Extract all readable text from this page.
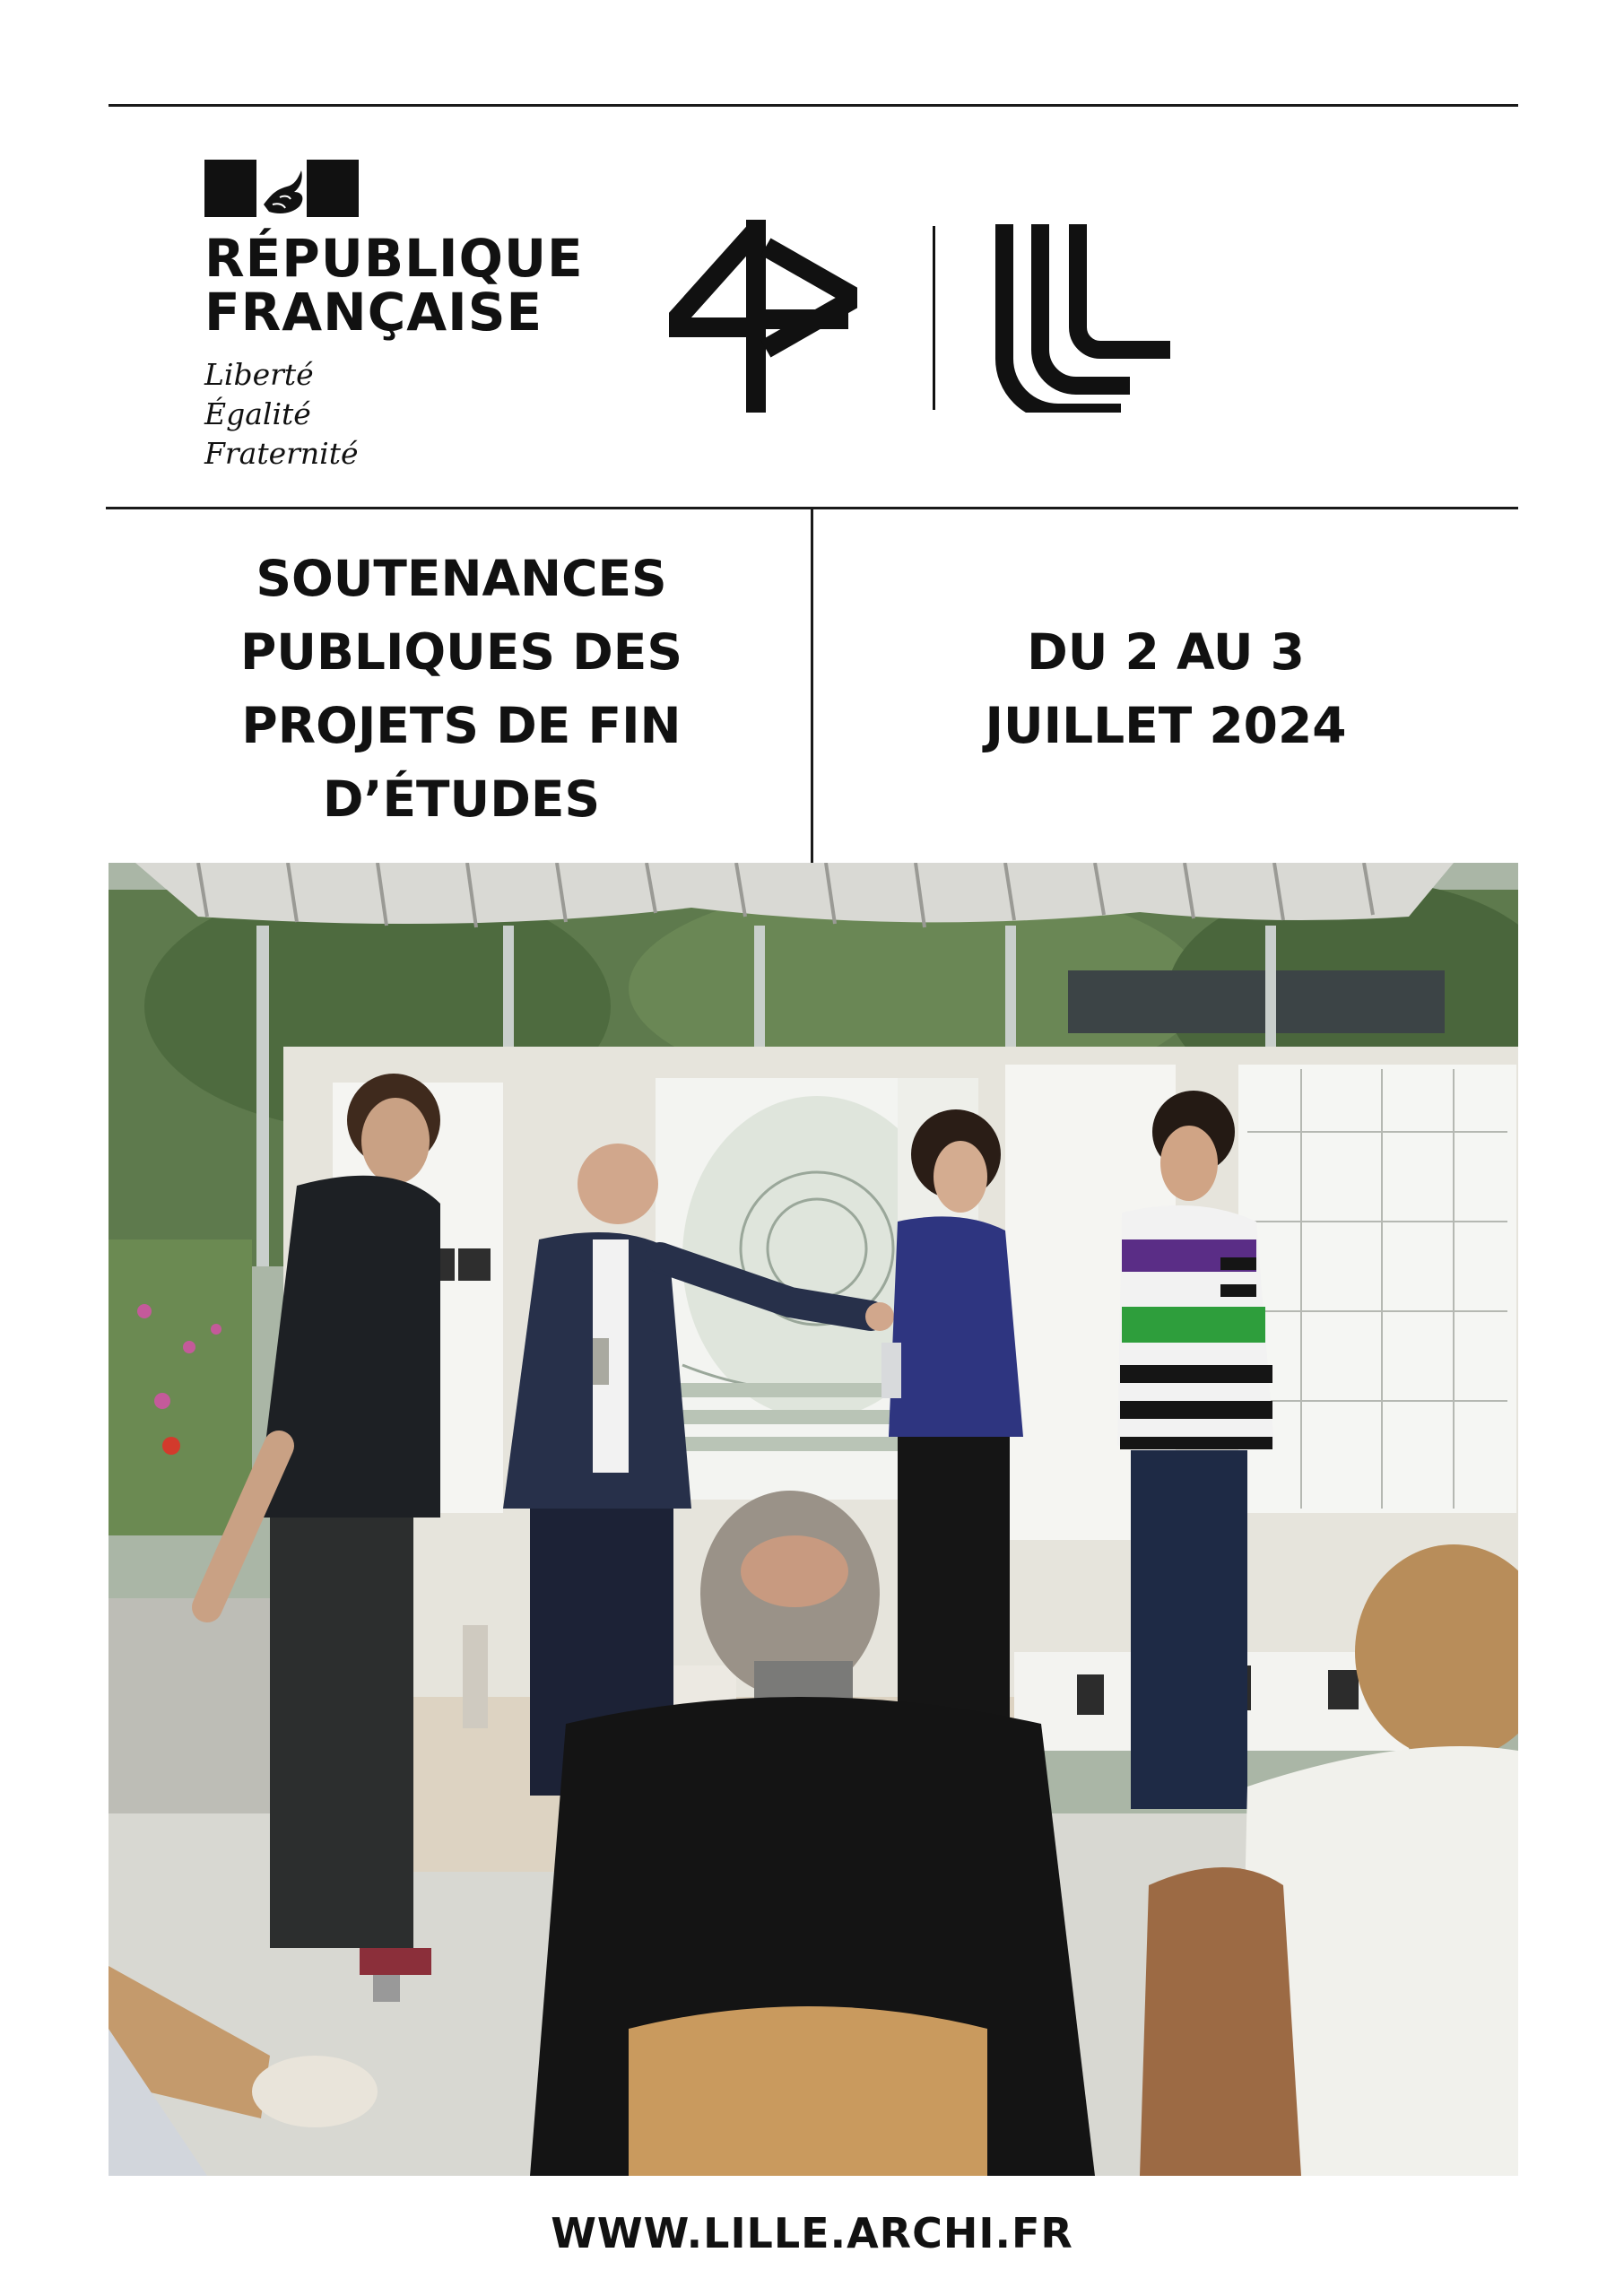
RÉPUBLIQUE
FRANÇAISE
Liberté
Égalité
Fraternité
SOUTENANCES
PUBLIQUES DES
PROJETS DE FIN
D’ÉTUDES
DU 2 AU 3
JUILLET 2024
WWW.LILLE.ARCHI.FR
